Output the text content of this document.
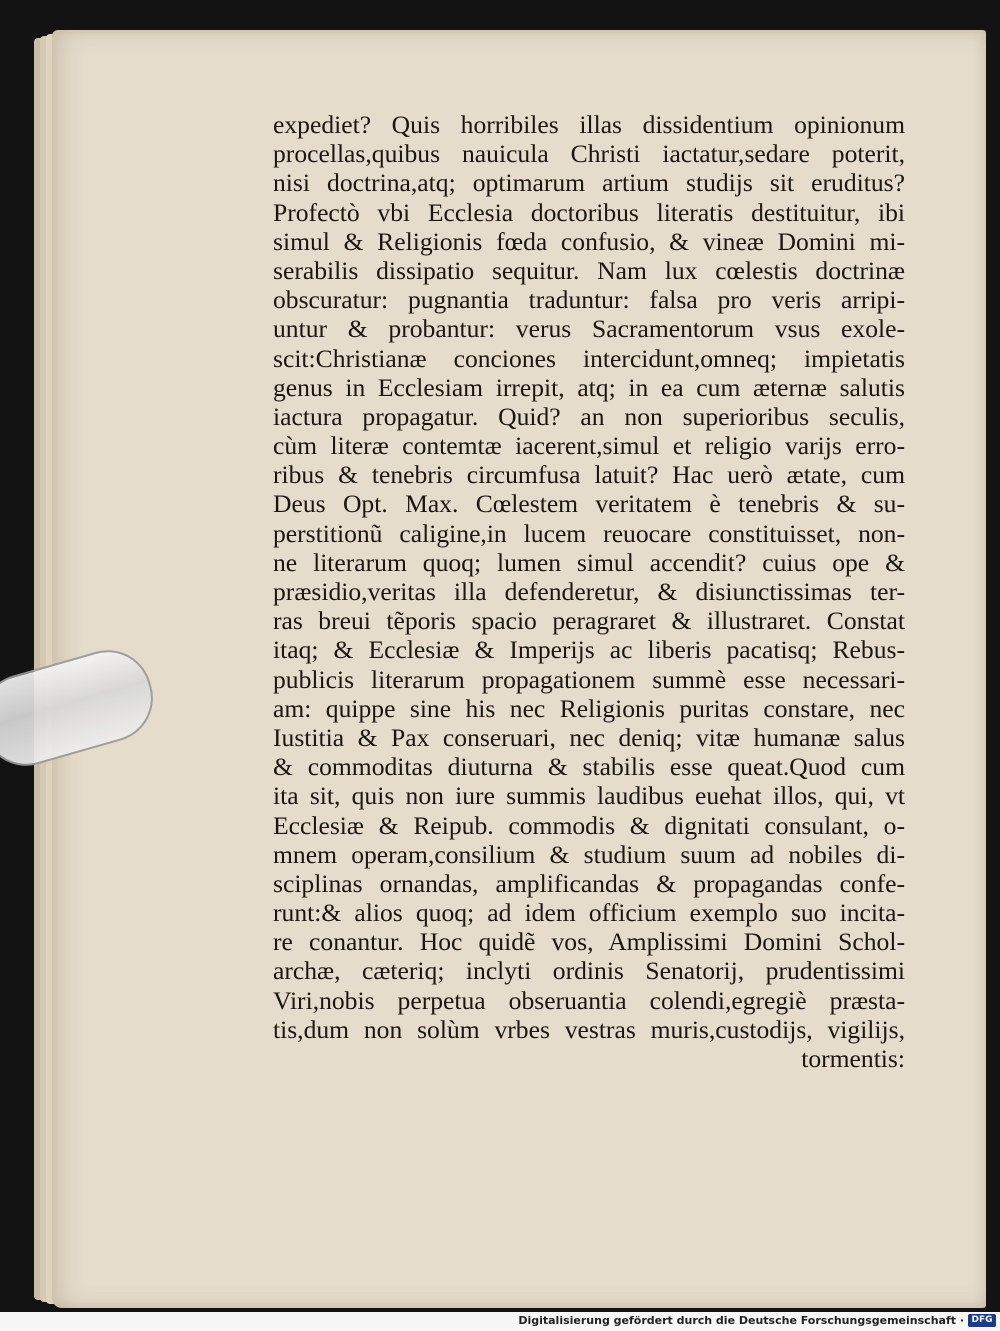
expediet? Quis horribiles illas dissidentium opinionum
procellas,quibus nauicula Christi iactatur,sedare poterit,
nisi doctrina,atq; optimarum artium studijs sit eruditus?
Profectò vbi Ecclesia doctoribus literatis destituitur, ibi
simul & Religionis fœda confusio, & vineæ Domini mi-
serabilis dissipatio sequitur. Nam lux cœlestis doctrinæ
obscuratur: pugnantia traduntur: falsa pro veris arripi-
untur & probantur: verus Sacramentorum vsus exole-
scit:Christianæ conciones intercidunt,omneq; impietatis
genus in Ecclesiam irrepit, atq; in ea cum æternæ salutis
iactura propagatur. Quid? an non superioribus seculis,
cùm literæ contemtæ iacerent,simul et religio varijs erro-
ribus & tenebris circumfusa latuit? Hac uerò ætate, cum
Deus Opt. Max. Cœlestem veritatem è tenebris & su-
perstitionũ caligine,in lucem reuocare constituisset, non-
ne literarum quoq; lumen simul accendit? cuius ope &
præsidio,veritas illa defenderetur, & disiunctissimas ter-
ras breui tẽporis spacio peragraret & illustraret. Constat
itaq; & Ecclesiæ & Imperijs ac liberis pacatisq; Rebus-
publicis literarum propagationem summè esse necessari-
am: quippe sine his nec Religionis puritas constare, nec
Iustitia & Pax conseruari, nec deniq; vitæ humanæ salus
& commoditas diuturna & stabilis esse queat.Quod cum
ita sit, quis non iure summis laudibus euehat illos, qui, vt
Ecclesiæ & Reipub. commodis & dignitati consulant, o-
mnem operam,consilium & studium suum ad nobiles di-
sciplinas ornandas, amplificandas & propagandas confe-
runt:& alios quoq; ad idem officium exemplo suo incita-
re conantur. Hoc quidẽ vos, Amplissimi Domini Schol-
archæ, cæteriq; inclyti ordinis Senatorij, prudentissimi
Viri,nobis perpetua obseruantia colendi,egregiè præsta-
tis,dum non solùm vrbes vestras muris,custodijs, vigilijs,
tormentis:
Digitalisierung gefördert durch die Deutsche Forschungsgemeinschaft · DFG
